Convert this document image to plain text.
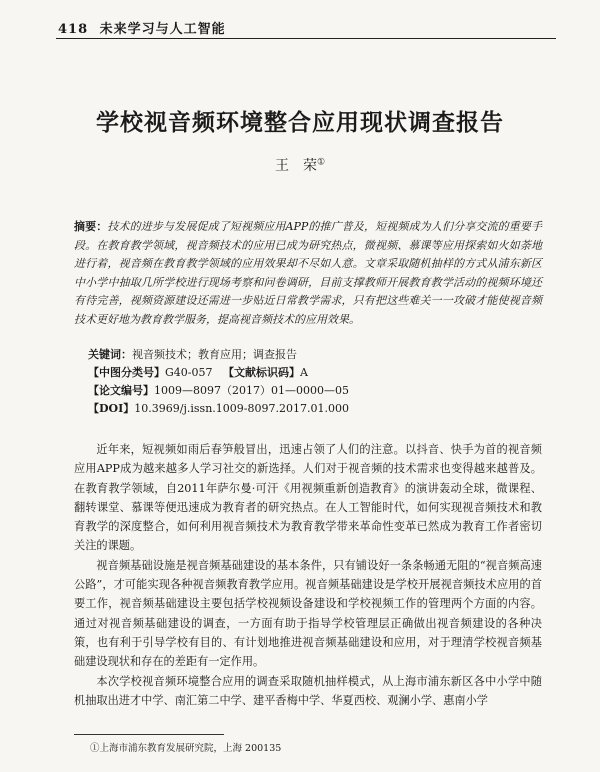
418 未来学习与人工智能
学校视音频环境整合应用现状调查报告
王　荣①
摘要：技术的进步与发展促成了短视频应用APP的推广普及，短视频成为人们分享交流的重要手段。在教育教学领域，视音频技术的应用已成为研究热点，微视频、慕课等应用探索如火如荼地进行着，视音频在教育教学领域的应用效果却不尽如人意。文章采取随机抽样的方式从浦东新区中小学中抽取几所学校进行现场考察和问卷调研，目前支撑教师开展教育教学活动的视频环境还有待完善，视频资源建设还需进一步贴近日常教学需求，只有把这些难关一一攻破才能使视音频技术更好地为教育教学服务，提高视音频技术的应用效果。
关键词：视音频技术；教育应用；调查报告
【中图分类号】G40-057 【文献标识码】A
【论文编号】1009—8097（2017）01—0000—05
【DOI】10.3969/j.issn.1009-8097.2017.01.000

近年来，短视频如雨后春笋般冒出，迅速占领了人们的注意。以抖音、快手为首的视音频应用APP成为越来越多人学习社交的新选择。人们对于视音频的技术需求也变得越来越普及。在教育教学领域，自2011年萨尔曼·可汗《用视频重新创造教育》的演讲轰动全球，微课程、翻转课堂、慕课等便迅速成为教育者的研究热点。在人工智能时代，如何实现视音频技术和教育教学的深度整合，如何利用视音频技术为教育教学带来革命性变革已然成为教育工作者密切关注的课题。

视音频基础设施是视音频基础建设的基本条件，只有铺设好一条条畅通无阻的“视音频高速公路”，才可能实现各种视音频教育教学应用。视音频基础建设是学校开展视音频技术应用的首要工作，视音频基础建设主要包括学校视频设备建设和学校视频工作的管理两个方面的内容。通过对视音频基础建设的调查，一方面有助于指导学校管理层正确做出视音频建设的各种决策，也有利于引导学校有目的、有计划地推进视音频基础建设和应用，对于理清学校视音频基础建设现状和存在的差距有一定作用。

本次学校视音频环境整合应用的调查采取随机抽样模式，从上海市浦东新区各中小学中随机抽取出进才中学、南汇第二中学、建平香梅中学、华夏西校、观澜小学、惠南小学

①上海市浦东教育发展研究院，上海 200135
